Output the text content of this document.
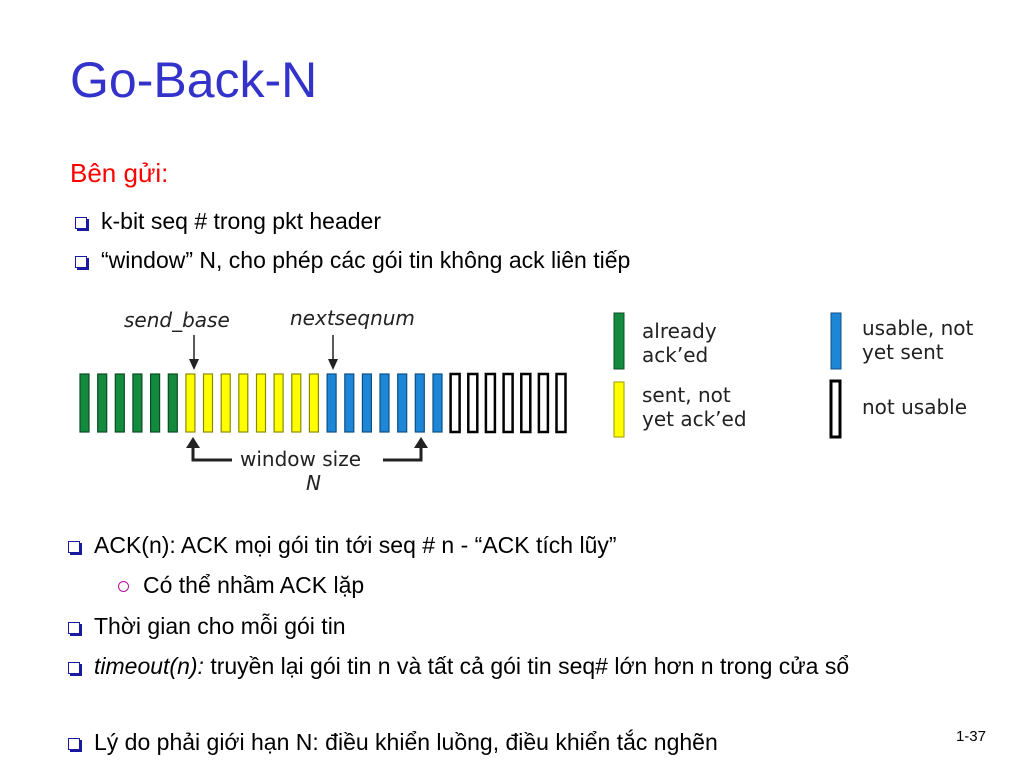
Go-Back-N
Bên gửi:
k-bit seq # trong pkt header
“window” N, cho phép các gói tin không ack liên tiếp
send_base	nextseqnum
window size
N
already
ack’ed
sent, not
yet ack’ed
usable, not
yet sent
not usable
ACK(n): ACK mọi gói tin tới seq # n - “ACK tích lũy”
Có thể nhầm ACK lặp
Thời gian cho mỗi gói tin
timeout(n): truyền lại gói tin n và tất cả gói tin seq# lớn hơn n trong cửa sổ
Lý do phải giới hạn N: điều khiển luồng, điều khiển tắc nghẽn	1-37
